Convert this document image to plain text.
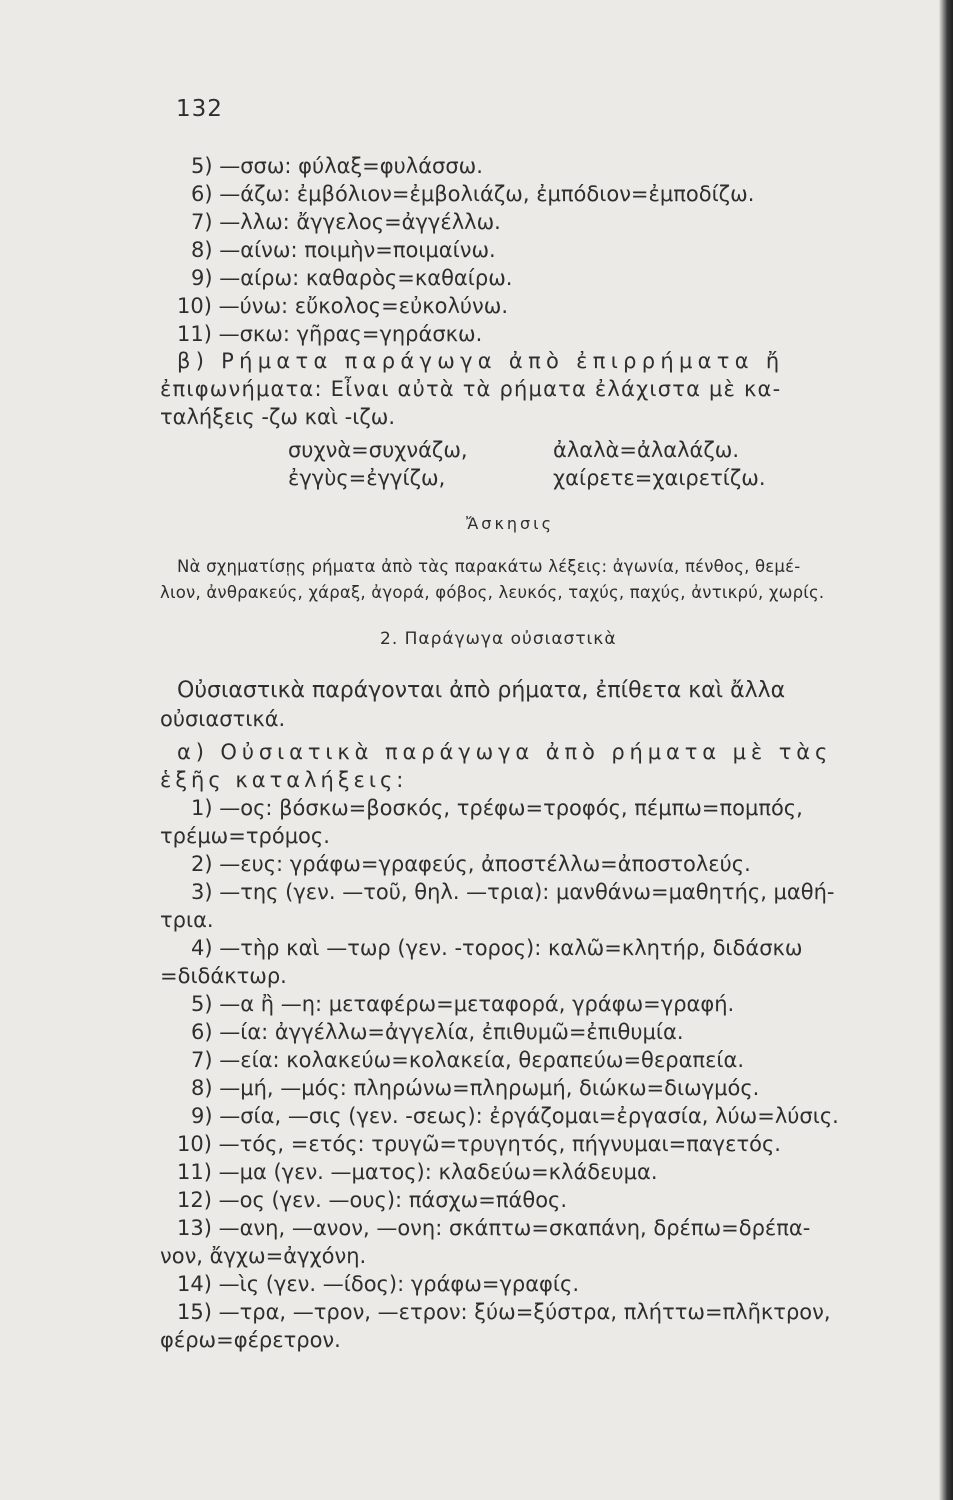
132
5) —σσω: φύλαξ=φυλάσσω.
6) —άζω: ἐμβόλιον=ἐμβολιάζω, ἐμπόδιον=ἐμποδίζω.
7) —λλω: ἄγγελος=ἀγγέλλω.
8) —αίνω: ποιμὴν=ποιμαίνω.
9) —αίρω: καθαρὸς=καθαίρω.
10) —ύνω: εὔκολος=εὐκολύνω.
11) —σκω: γῆρας=γηράσκω.
β) Ρήματα παράγωγα ἀπὸ ἐπιρρήματα ἤ
ἐπιφωνήματα: Εἶναι αὐτὰ τὰ ρήματα ἐλάχιστα μὲ κα-
ταλήξεις -ζω καὶ -ιζω.
συχνὰ=συχνάζω,	ἀλαλὰ=ἀλαλάζω.
ἐγγὺς=ἐγγίζω,	χαίρετε=χαιρετίζω.
Ἄσκησις
Νὰ σχηματίσῃς ρήματα ἀπὸ τὰς παρακάτω λέξεις: ἀγωνία, πένθος, θεμέ-
λιον, ἀνθρακεύς, χάραξ, ἀγορά, φόβος, λευκός, ταχύς, παχύς, ἀντικρύ, χωρίς.
2. Παράγωγα οὐσιαστικὰ
Οὐσιαστικὰ παράγονται ἀπὸ ρήματα, ἐπίθετα καὶ ἄλλα
οὐσιαστικά.
α) Οὐσιατικὰ παράγωγα ἀπὸ ρήματα μὲ τὰς
ἑξῆς καταλήξεις:
1) —ος: βόσκω=βοσκός, τρέφω=τροφός, πέμπω=πομπός,
τρέμω=τρόμος.
2) —ευς: γράφω=γραφεύς, ἀποστέλλω=ἀποστολεύς.
3) —της (γεν. —τοῦ, θηλ. —τρια): μανθάνω=μαθητής, μαθή-
τρια.
4) —τὴρ καὶ —τωρ (γεν. -τορος): καλῶ=κλητήρ, διδάσκω
=διδάκτωρ.
5) —α ἢ —η: μεταφέρω=μεταφορά, γράφω=γραφή.
6) —ία: ἀγγέλλω=ἀγγελία, ἐπιθυμῶ=ἐπιθυμία.
7) —εία: κολακεύω=κολακεία, θεραπεύω=θεραπεία.
8) —μή, —μός: πληρώνω=πληρωμή, διώκω=διωγμός.
9) —σία, —σις (γεν. -σεως): ἐργάζομαι=ἐργασία, λύω=λύσις.
10) —τός, =ετός: τρυγῶ=τρυγητός, πήγνυμαι=παγετός.
11) —μα (γεν. —ματος): κλαδεύω=κλάδευμα.
12) —ος (γεν. —ους): πάσχω=πάθος.
13) —ανη, —ανον, —ονη: σκάπτω=σκαπάνη, δρέπω=δρέπα-
νον, ἄγχω=ἀγχόνη.
14) —ὶς (γεν. —ίδος): γράφω=γραφίς.
15) —τρα, —τρον, —ετρον: ξύω=ξύστρα, πλήττω=πλῆκτρον,
φέρω=φέρετρον.
